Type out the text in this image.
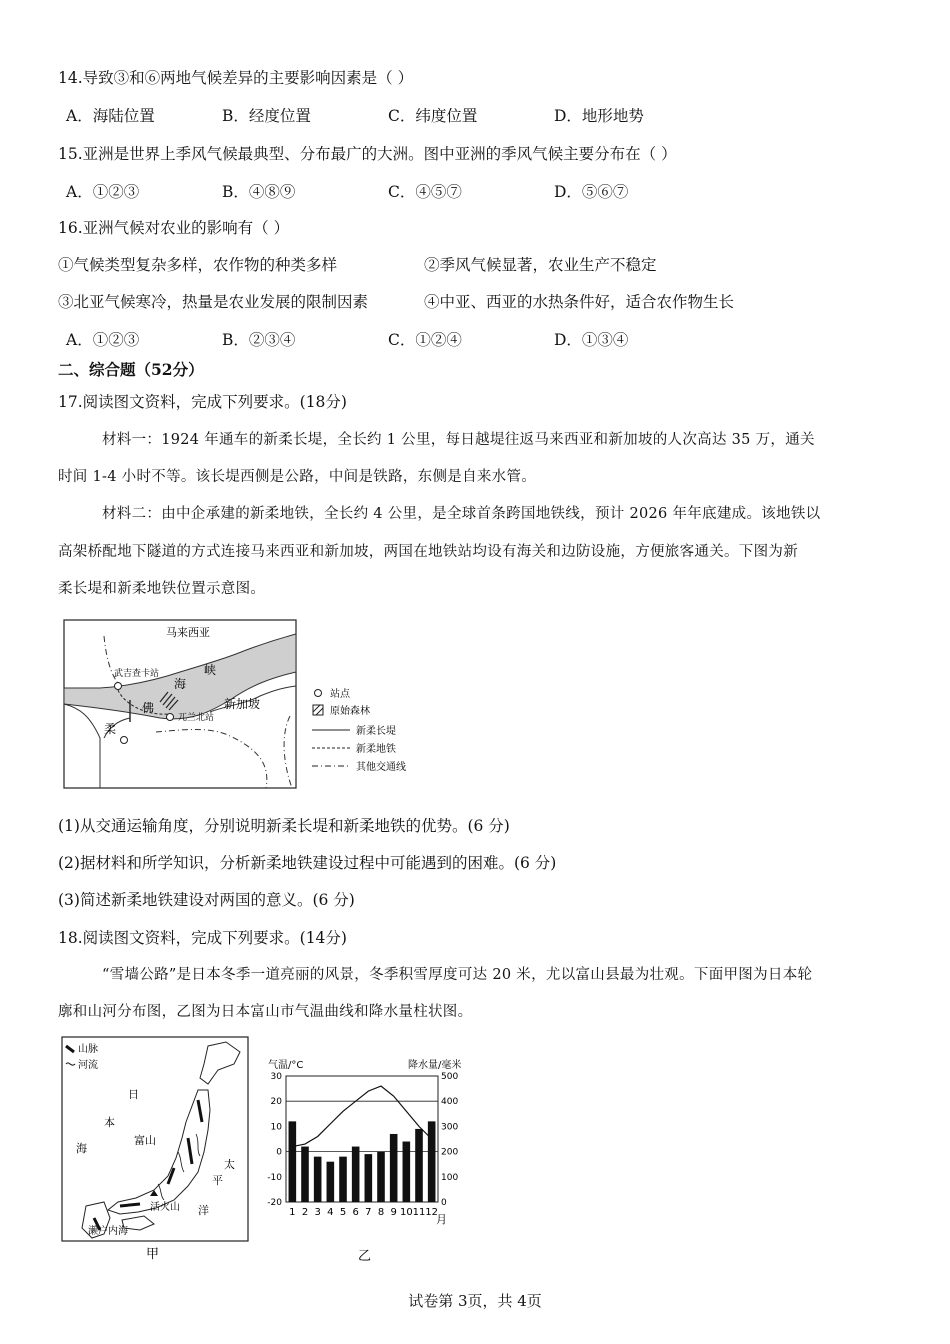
14.导致③和⑥两地气候差异的主要影响因素是（ ）
A．海陆位置	B．经度位置	C．纬度位置	D．地形地势
15.亚洲是世界上季风气候最典型、分布最广的大洲。图中亚洲的季风气候主要分布在（ ）
A．①②③	B．④⑧⑨	C．④⑤⑦	D．⑤⑥⑦
16.亚洲气候对农业的影响有（ ）
①气候类型复杂多样，农作物的种类多样	②季风气候显著，农业生产不稳定
③北亚气候寒冷，热量是农业发展的限制因素	④中亚、西亚的水热条件好，适合农作物生长
A．①②③	B．②③④	C．①②④	D．①③④
二、综合题（52分）
17.阅读图文资料，完成下列要求。(18分)
材料一：1924 年通车的新柔长堤，全长约 1 公里，每日越堤往返马来西亚和新加坡的人次高达 35 万，通关
时间 1-4 小时不等。该长堤西侧是公路，中间是铁路，东侧是自来水管。
材料二：由中企承建的新柔地铁，全长约 4 公里，是全球首条跨国地铁线，预计 2026 年年底建成。该地铁以
高架桥配地下隧道的方式连接马来西亚和新加坡，两国在地铁站均设有海关和边防设施，方便旅客通关。下图为新
柔长堤和新柔地铁位置示意图。
马来西亚
武吉查卡站	峡
海
佛
柔
新加坡
兀兰北站
站点
原始森林
新柔长堤
新柔地铁
其他交通线
(1)从交通运输角度，分别说明新柔长堤和新柔地铁的优势。(6 分)
(2)据材料和所学知识，分析新柔地铁建设过程中可能遇到的困难。(6 分)
(3)简述新柔地铁建设对两国的意义。(6 分)
18.阅读图文资料，完成下列要求。(14分)
“雪墙公路”是日本冬季一道亮丽的风景，冬季积雪厚度可达 20 米，尤以富山县最为壮观。下面甲图为日本轮
廓和山河分布图，乙图为日本富山市气温曲线和降水量柱状图。
山脉
河流
日
本
海
富山
太
平
洋
活火山
濑户内海
甲
气温/°C	降水量/毫米
月
乙
30
20
10
0
-10
-20
500
400
300
200
100
0
1 2 3 4 5 6 7 8 9 10 11 12
试卷第 3页，共 4页
